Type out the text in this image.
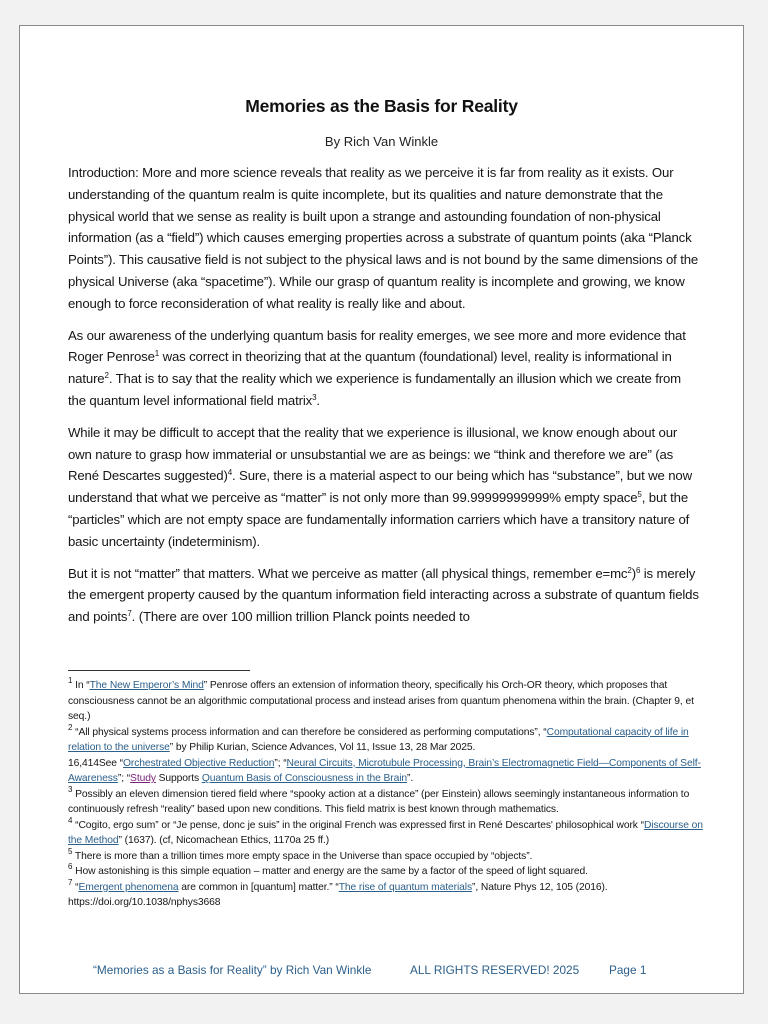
Memories as the Basis for Reality
By Rich Van Winkle

Introduction: More and more science reveals that reality as we perceive it is far from reality as it exists. Our understanding of the quantum realm is quite incomplete, but its qualities and nature demonstrate that the physical world that we sense as reality is built upon a strange and astounding foundation of non-physical information (as a “field”) which causes emerging properties across a substrate of quantum points (aka “Planck Points”). This causative field is not subject to the physical laws and is not bound by the same dimensions of the physical Universe (aka “spacetime”). While our grasp of quantum reality is incomplete and growing, we know enough to force reconsideration of what reality is really like and about.

As our awareness of the underlying quantum basis for reality emerges, we see more and more evidence that Roger Penrose$^1$ was correct in theorizing that at the quantum (foundational) level, reality is informational in nature$^2$. That is to say that the reality which we experience is fundamentally an illusion which we create from the quantum level informational field matrix$^3$.

While it may be difficult to accept that the reality that we experience is illusional, we know enough about our own nature to grasp how immaterial or unsubstantial we are as beings: we “think and therefore we are” (as René Descartes suggested)$^4$. Sure, there is a material aspect to our being which has “substance”, but we now understand that what we perceive as “matter” is not only more than 99.99999999999% empty space$^5$, but the “particles” which are not empty space are fundamentally information carriers which have a transitory nature of basic uncertainty (indeterminism).

But it is not “matter” that matters. What we perceive as matter (all physical things, remember $e=mc^2)^6$ is merely the emergent property caused by the quantum information field interacting across a substrate of quantum fields and points$^7$. (There are over 100 million trillion Planck points needed to

$^1$ In “The New Emperor’s Mind” Penrose offers an extension of information theory, specifically his Orch-OR theory, which proposes that consciousness cannot be an algorithmic computational process and instead arises from quantum phenomena within the brain. (Chapter 9, et seq.)
$^2$ “All physical systems process information and can therefore be considered as performing computations”, “Computational capacity of life in relation to the universe” by Philip Kurian, Science Advances, Vol 11, Issue 13, 28 Mar 2025.
16,414See “Orchestrated Objective Reduction”; “Neural Circuits, Microtubule Processing, Brain’s Electromagnetic Field—Components of Self-Awareness”; “Study Supports Quantum Basis of Consciousness in the Brain”.
$^3$ Possibly an eleven dimension tiered field where “spooky action at a distance” (per Einstein) allows seemingly instantaneous information to continuously refresh “reality” based upon new conditions. This field matrix is best known through mathematics.
$^4$ “Cogito, ergo sum” or “Je pense, donc je suis” in the original French was expressed first in René Descartes' philosophical work “Discourse on the Method” (1637). (cf, Nicomachean Ethics, 1170a 25 ff.)
$^5$ There is more than a trillion times more empty space in the Universe than space occupied by “objects”.
$^6$ How astonishing is this simple equation – matter and energy are the same by a factor of the speed of light squared.
$^7$ “Emergent phenomena are common in [quantum] matter.” “The rise of quantum materials”, Nature Phys 12, 105 (2016). https://doi.org/10.1038/nphys3668
“Memories as a Basis for Reality” by Rich Van Winkle	ALL RIGHTS RESERVED! 2025	Page 1
